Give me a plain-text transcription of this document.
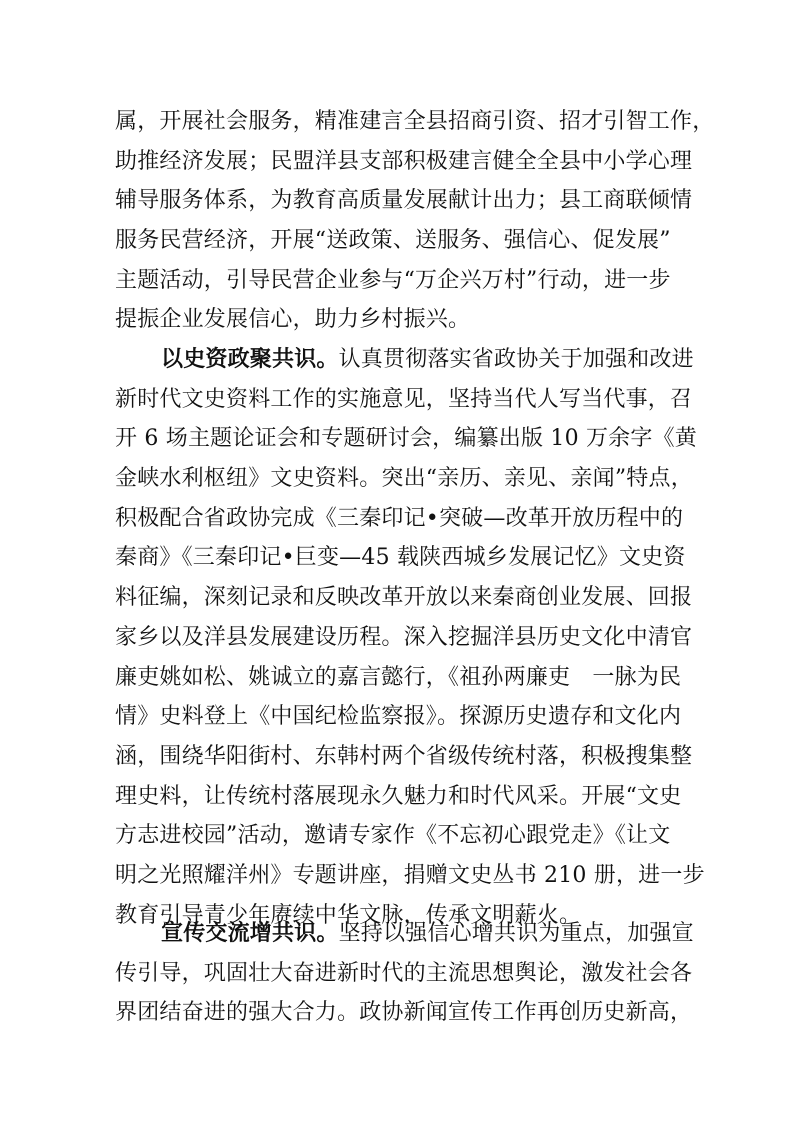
属，开展社会服务，精准建言全县招商引资、招才引智工作，
助推经济发展；民盟洋县支部积极建言健全全县中小学心理
辅导服务体系，为教育高质量发展献计出力；县工商联倾情
服务民营经济，开展“送政策、送服务、强信心、促发展”
主题活动，引导民营企业参与“万企兴万村”行动，进一步
提振企业发展信心，助力乡村振兴。
以史资政聚共识。认真贯彻落实省政协关于加强和改进
新时代文史资料工作的实施意见，坚持当代人写当代事，召
开 6 场主题论证会和专题研讨会，编纂出版 10 万余字《黄
金峡水利枢纽》文史资料。突出“亲历、亲见、亲闻”特点，
积极配合省政协完成《三秦印记•突破—改革开放历程中的
秦商》《三秦印记•巨变—45 载陕西城乡发展记忆》文史资
料征编，深刻记录和反映改革开放以来秦商创业发展、回报
家乡以及洋县发展建设历程。深入挖掘洋县历史文化中清官
廉吏姚如松、姚诚立的嘉言懿行，《祖孙两廉吏　一脉为民
情》史料登上《中国纪检监察报》。探源历史遗存和文化内
涵，围绕华阳街村、东韩村两个省级传统村落，积极搜集整
理史料，让传统村落展现永久魅力和时代风采。开展“文史
方志进校园”活动，邀请专家作《不忘初心跟党走》《让文
明之光照耀洋州》专题讲座，捐赠文史丛书 210 册，进一步
教育引导青少年赓续中华文脉，传承文明薪火。
宣传交流增共识。坚持以强信心增共识为重点，加强宣
传引导，巩固壮大奋进新时代的主流思想舆论，激发社会各
界团结奋进的强大合力。政协新闻宣传工作再创历史新高，
